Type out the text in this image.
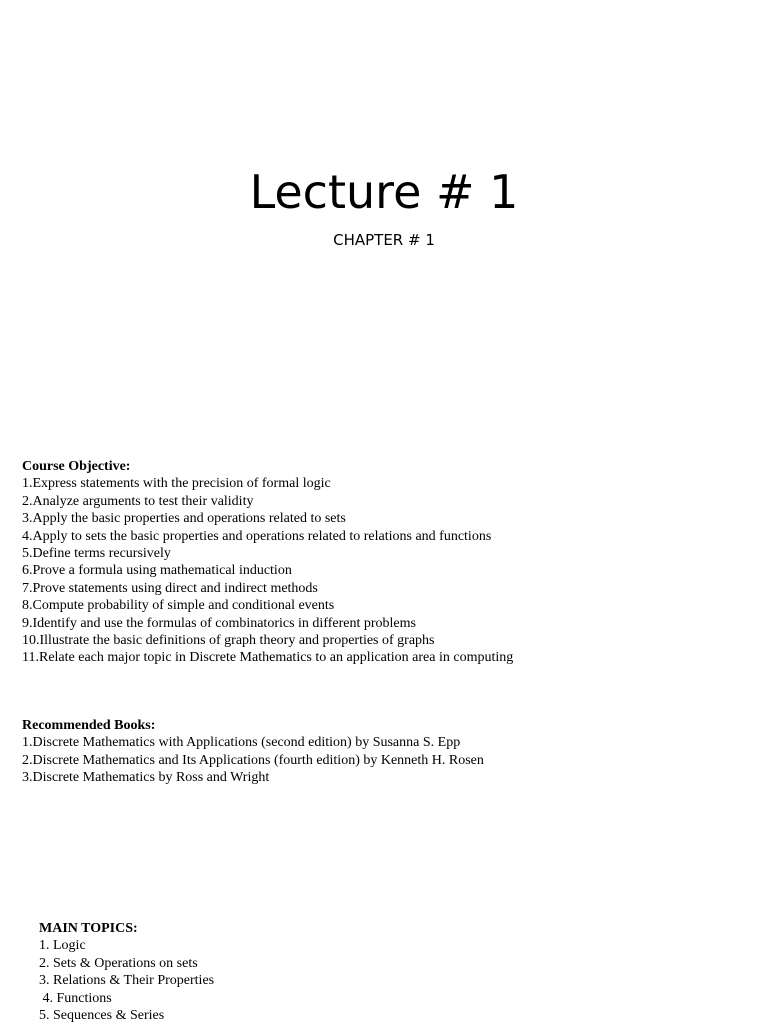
Lecture # 1
CHAPTER # 1
Course Objective:
1.Express statements with the precision of formal logic
2.Analyze arguments to test their validity
3.Apply the basic properties and operations related to sets
4.Apply to sets the basic properties and operations related to relations and functions
5.Define terms recursively
6.Prove a formula using mathematical induction
7.Prove statements using direct and indirect methods
8.Compute probability of simple and conditional events
9.Identify and use the formulas of combinatorics in different problems
10.Illustrate the basic definitions of graph theory and properties of graphs
11.Relate each major topic in Discrete Mathematics to an application area in computing
Recommended Books:
1.Discrete Mathematics with Applications (second edition) by Susanna S. Epp
2.Discrete Mathematics and Its Applications (fourth edition) by Kenneth H. Rosen
3.Discrete Mathematics by Ross and Wright
MAIN TOPICS:
1. Logic
2. Sets & Operations on sets
3. Relations & Their Properties
4. Functions
5. Sequences & Series
